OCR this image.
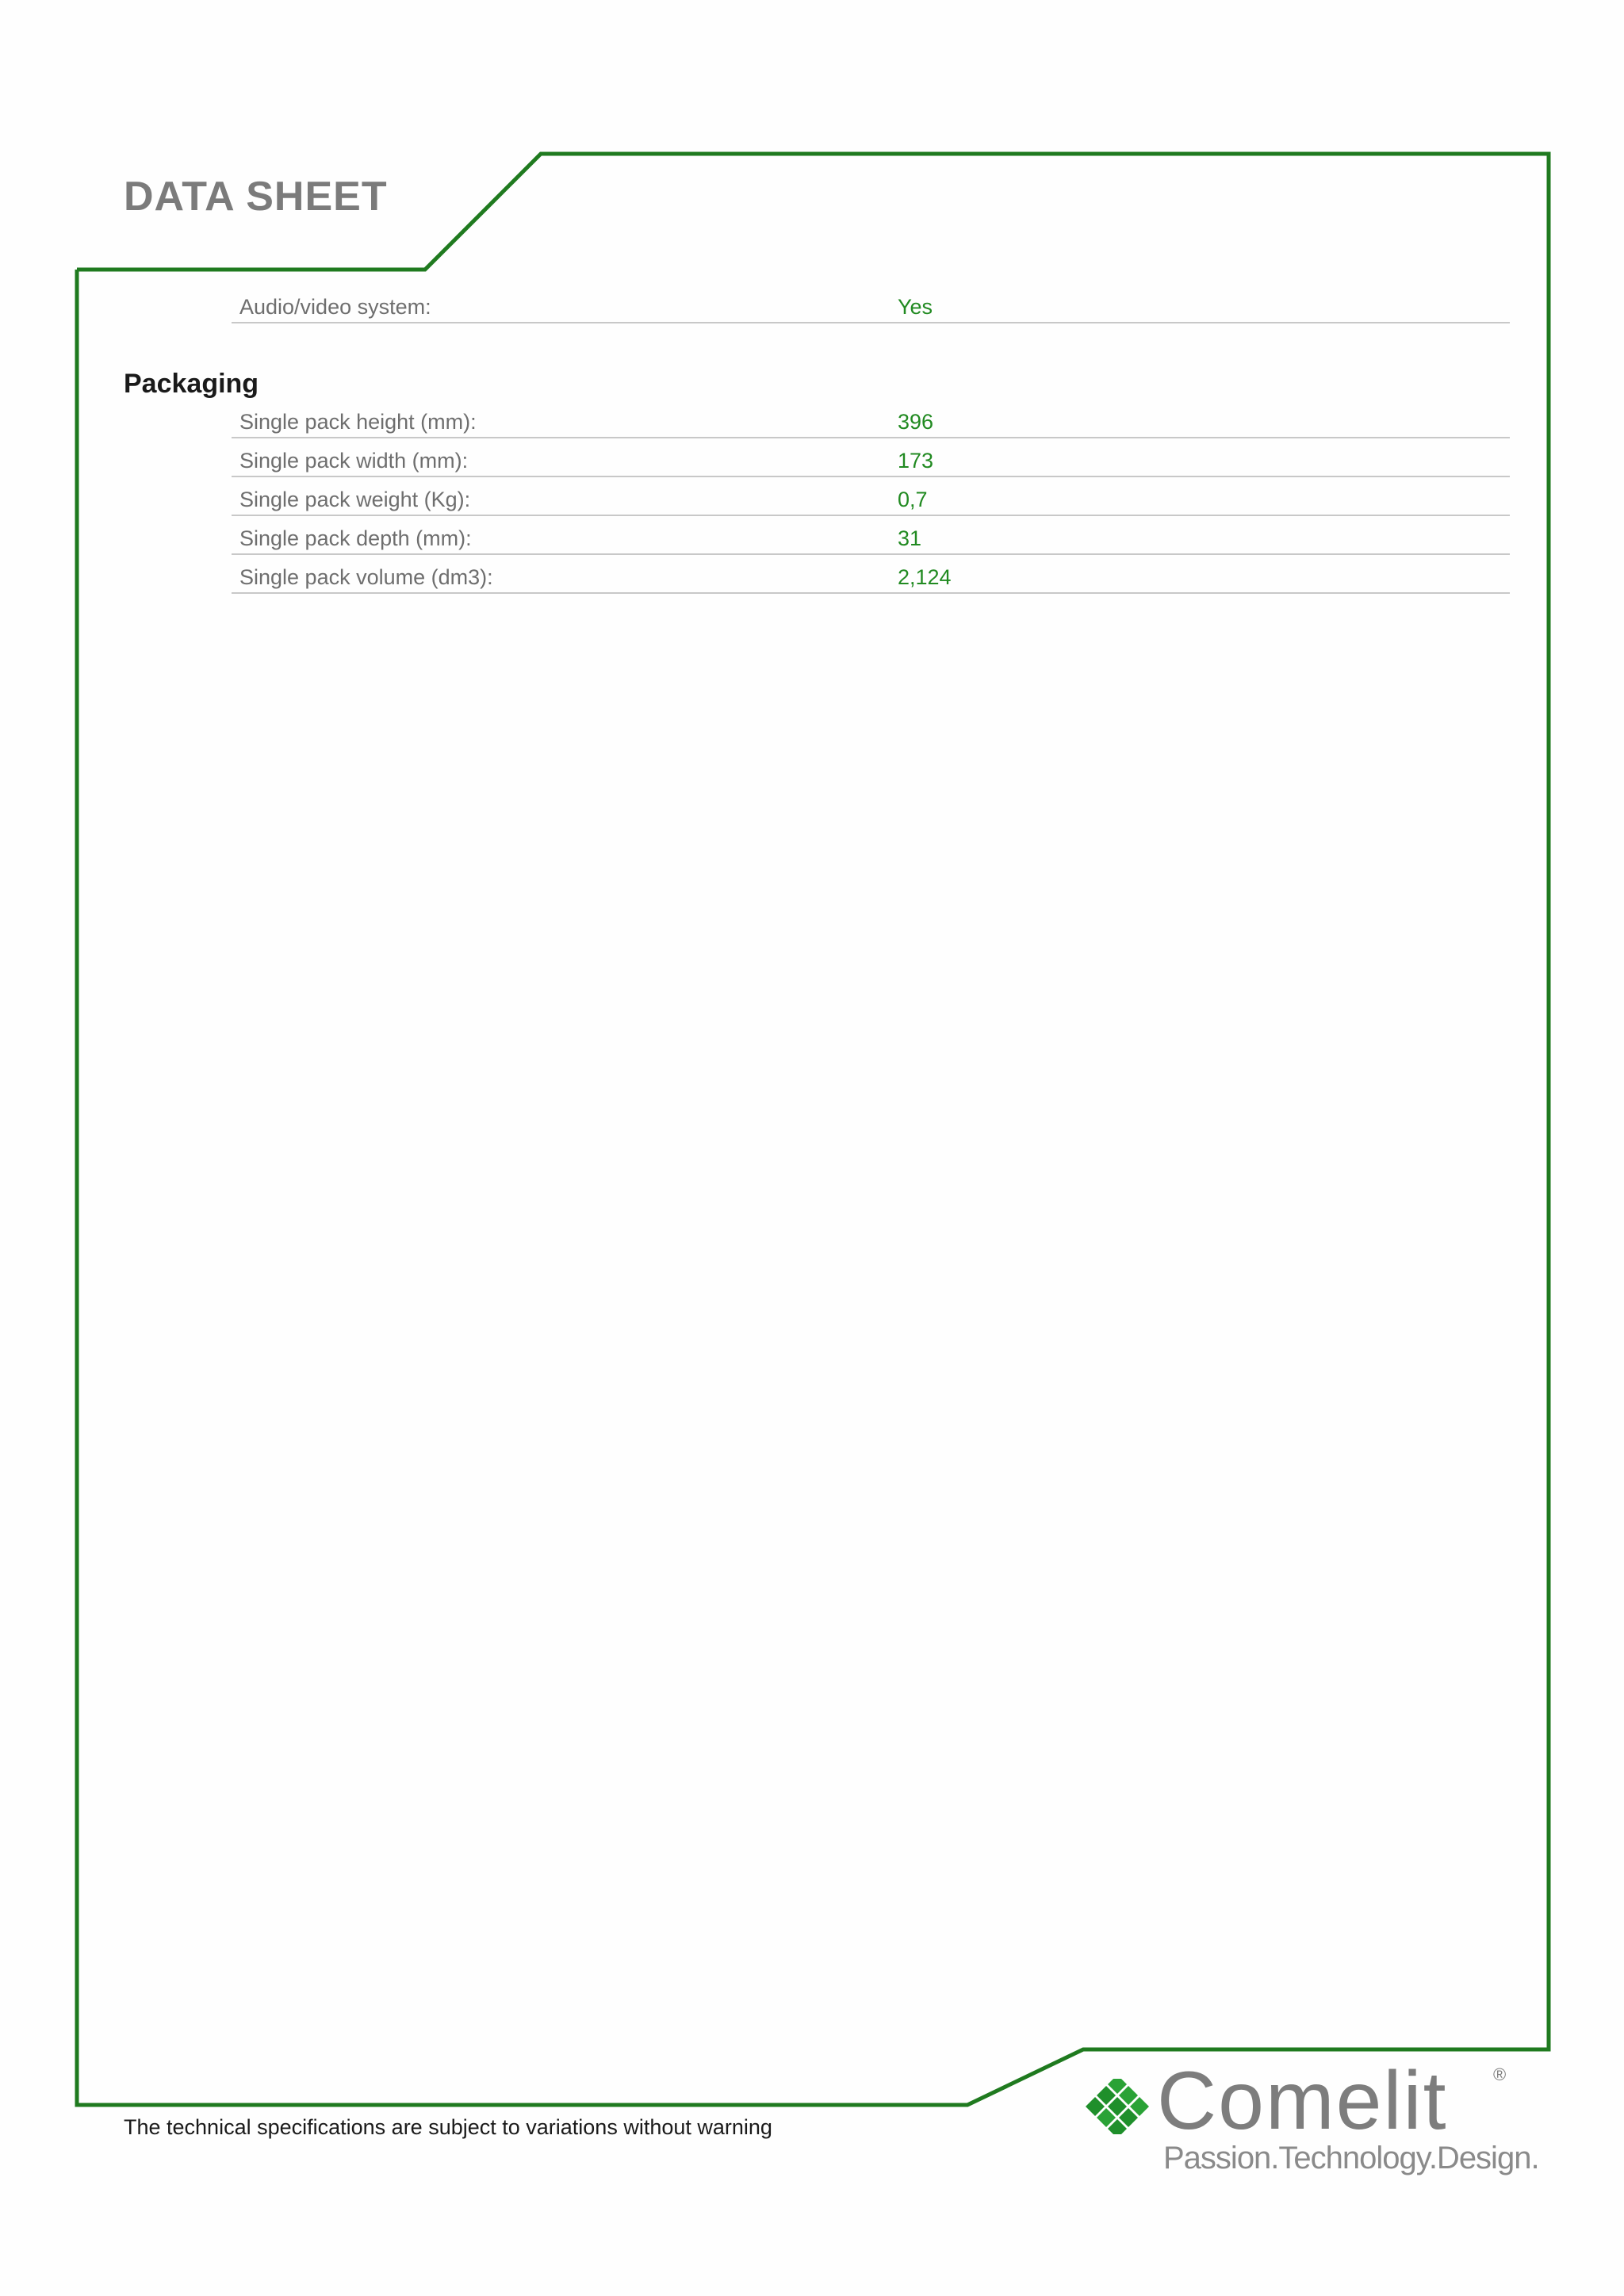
DATA SHEET
Audio/video system:	Yes
Packaging
Single pack height (mm):	396
Single pack width (mm):	173
Single pack weight (Kg):	0,7
Single pack depth (mm):	31
Single pack volume (dm3):	2,124
The technical specifications are subject to variations without warning	Comelit	®
Passion.Technology.Design.
